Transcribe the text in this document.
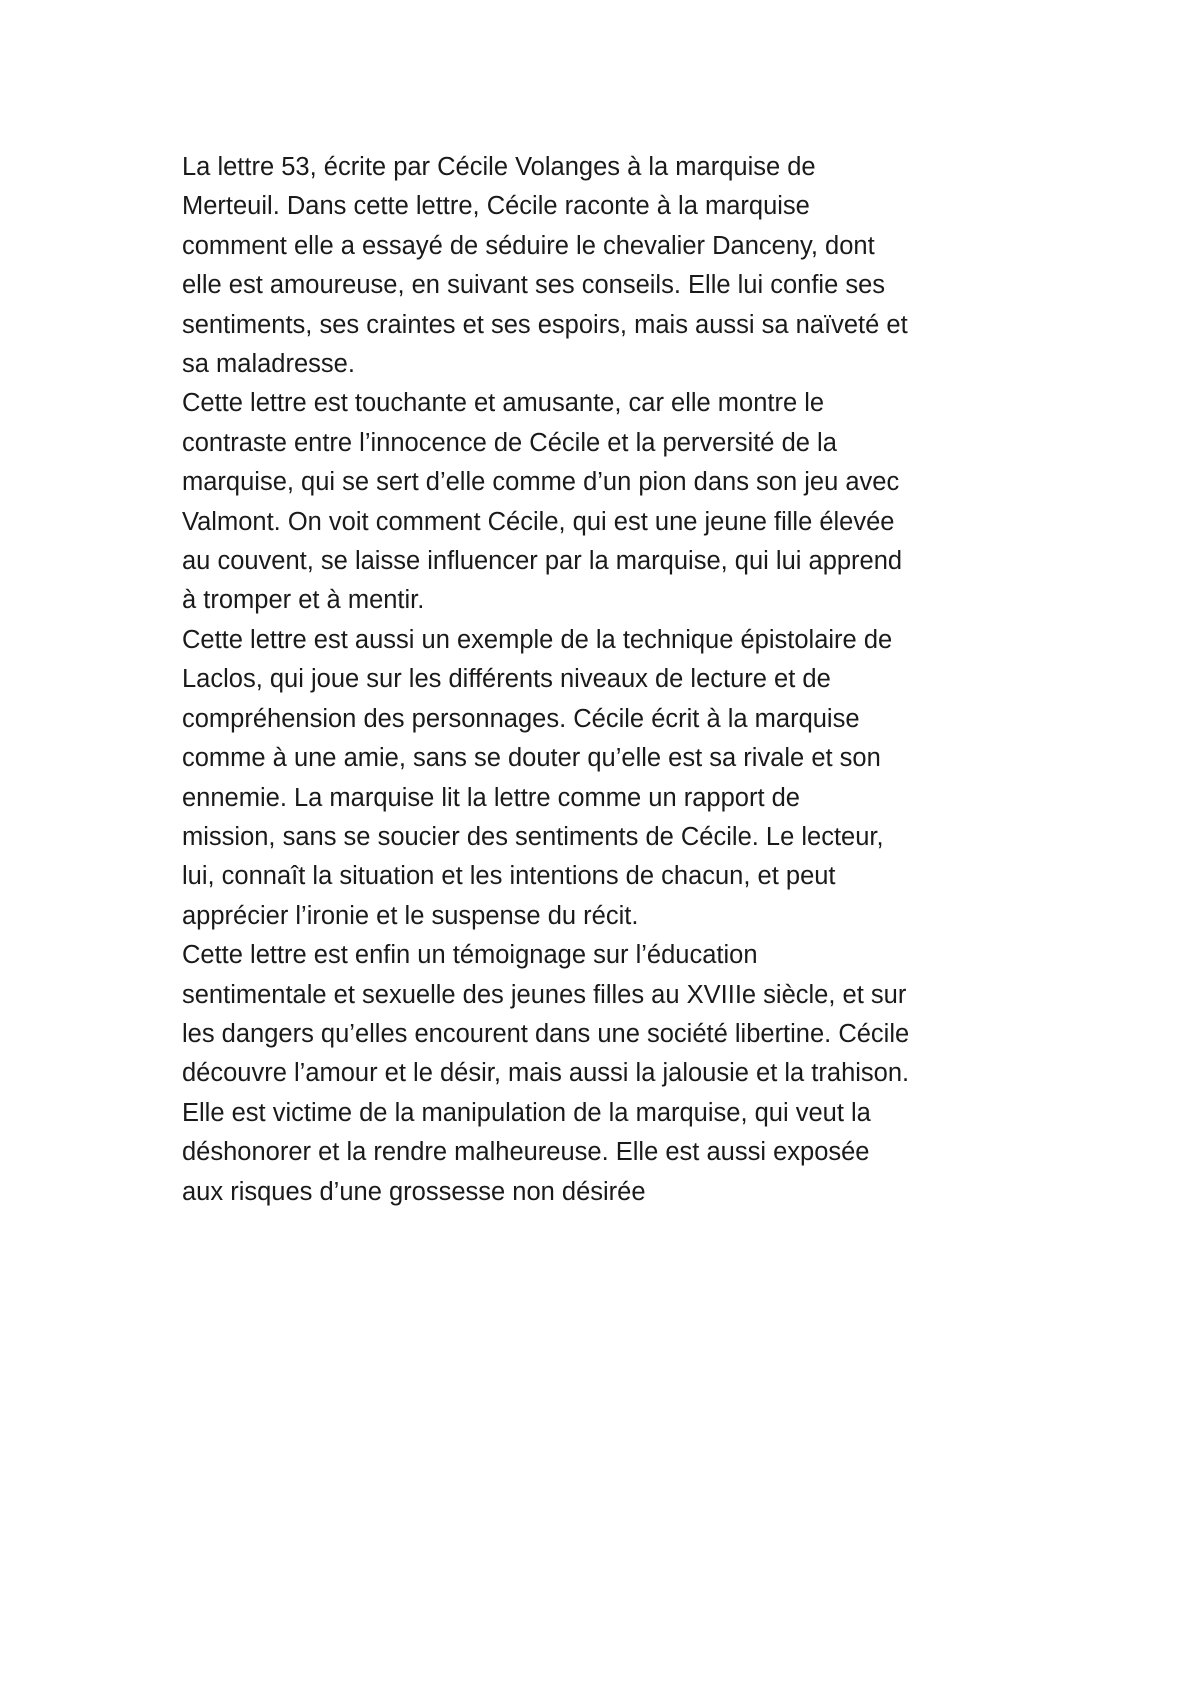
La lettre 53, écrite par Cécile Volanges à la marquise de
Merteuil. Dans cette lettre, Cécile raconte à la marquise
comment elle a essayé de séduire le chevalier Danceny, dont
elle est amoureuse, en suivant ses conseils. Elle lui confie ses
sentiments, ses craintes et ses espoirs, mais aussi sa naïveté et
sa maladresse.
Cette lettre est touchante et amusante, car elle montre le
contraste entre l’innocence de Cécile et la perversité de la
marquise, qui se sert d’elle comme d’un pion dans son jeu avec
Valmont. On voit comment Cécile, qui est une jeune fille élevée
au couvent, se laisse influencer par la marquise, qui lui apprend
à tromper et à mentir.
Cette lettre est aussi un exemple de la technique épistolaire de
Laclos, qui joue sur les différents niveaux de lecture et de
compréhension des personnages. Cécile écrit à la marquise
comme à une amie, sans se douter qu’elle est sa rivale et son
ennemie. La marquise lit la lettre comme un rapport de
mission, sans se soucier des sentiments de Cécile. Le lecteur,
lui, connaît la situation et les intentions de chacun, et peut
apprécier l’ironie et le suspense du récit.
Cette lettre est enfin un témoignage sur l’éducation
sentimentale et sexuelle des jeunes filles au XVIIIe siècle, et sur
les dangers qu’elles encourent dans une société libertine. Cécile
découvre l’amour et le désir, mais aussi la jalousie et la trahison.
Elle est victime de la manipulation de la marquise, qui veut la
déshonorer et la rendre malheureuse. Elle est aussi exposée
aux risques d’une grossesse non désirée
